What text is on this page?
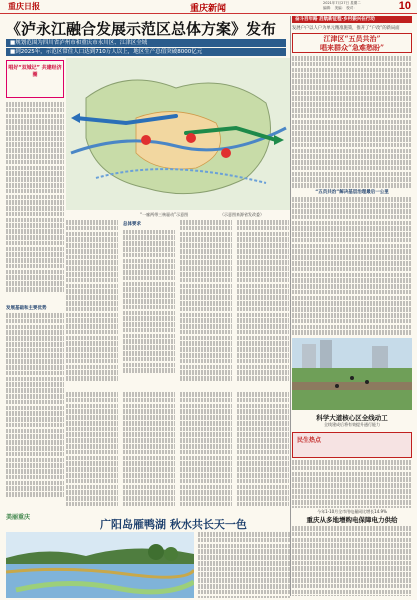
重庆日报	重庆新闻
2021年7月27日 星期二
编辑： 美编： 校对：	10
《泸永江融合发展示范区总体方案》发布
■规划范围为四川省泸州市和重庆市永川区、江津区全域
■到2025年，示范区常住人口达到710万人以上，地区生产总值突破8000亿元
唱好“双城记” 共建经济圈
发展基础和主要优势
“一廊两带三核驱动”示意图	（示意图来源省发改委）
总体要求
奋斗百年路 启航新征程·乡村振兴在行动
发展户户以人户为单元精准施策，推开了“户改”的新局面
江津区“五员共治”
唱来群众“急难愁盼”
“五员共治”解决基层治理最后一公里
科学大道核心区全线动工
全线建成后将有效提升通行能力
民生热点
今年1-10月全市用电量同比增长14.9%
重庆从多地增购电保障电力供给
美丽重庆
广阳岛雁鸭湖 秋水共长天一色
